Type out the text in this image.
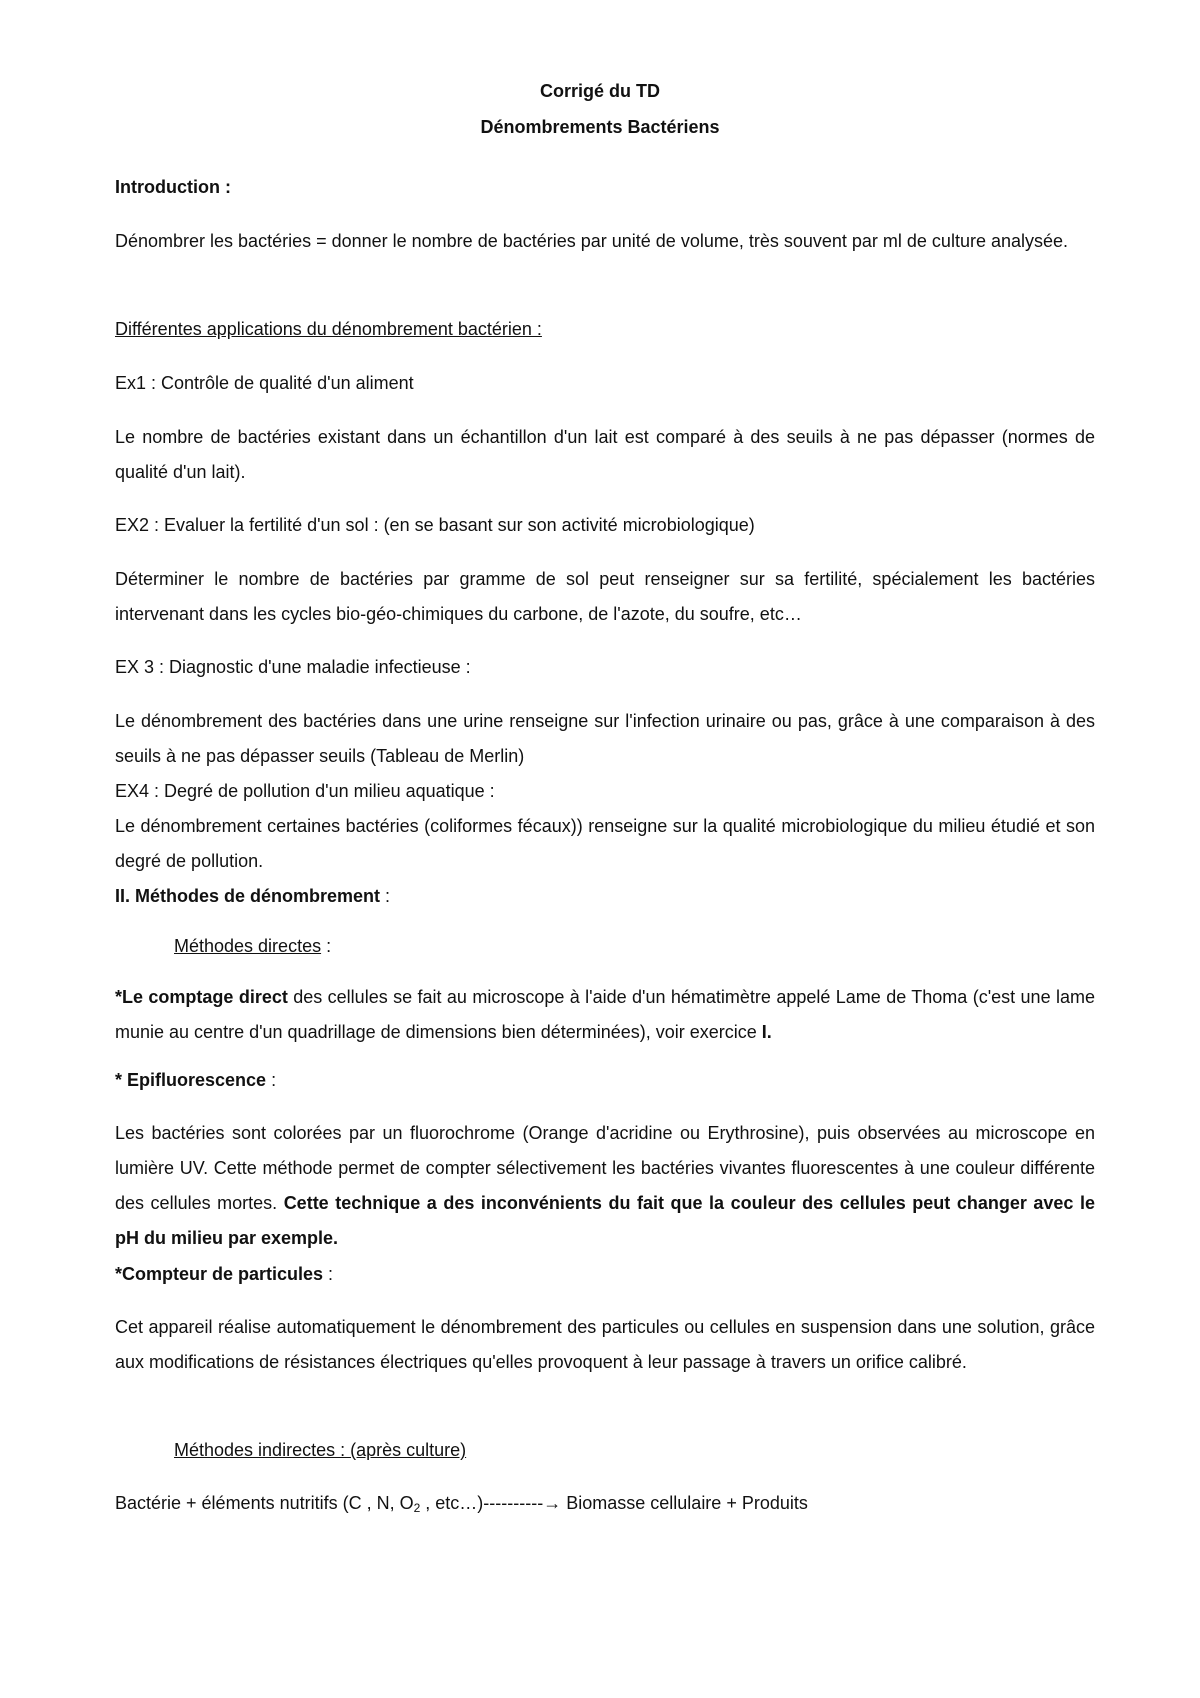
Corrigé du TD

Dénombrements Bactériens

Introduction :

Dénombrer les bactéries = donner le nombre de bactéries par unité de volume, très souvent par ml de culture analysée.

Différentes applications du dénombrement bactérien :

Ex1 : Contrôle de qualité d'un aliment

Le nombre de bactéries existant dans un échantillon d'un lait est comparé à des seuils à ne pas dépasser (normes de qualité d'un lait).

EX2 : Evaluer la fertilité d'un sol : (en se basant sur son activité microbiologique)

Déterminer le nombre de bactéries par gramme de sol peut renseigner sur sa fertilité, spécialement les bactéries intervenant dans les cycles bio-géo-chimiques du carbone, de l'azote, du soufre, etc…

EX 3 : Diagnostic d'une maladie infectieuse :

Le dénombrement des bactéries dans une urine renseigne sur l'infection urinaire ou pas, grâce à une comparaison à des seuils à ne pas dépasser seuils (Tableau de Merlin)

EX4 : Degré de pollution d'un milieu aquatique :

Le dénombrement certaines bactéries (coliformes fécaux)) renseigne sur la qualité microbiologique du milieu étudié et son degré de pollution.

II. Méthodes de dénombrement :

Méthodes directes :

*Le comptage direct des cellules se fait au microscope à l'aide d'un hématimètre appelé Lame de Thoma (c'est une lame munie au centre d'un quadrillage de dimensions bien déterminées), voir exercice I.

* Epifluorescence :

Les bactéries sont colorées par un fluorochrome (Orange d'acridine ou Erythrosine), puis observées au microscope en lumière UV. Cette méthode permet de compter sélectivement les bactéries vivantes fluorescentes à une couleur différente des cellules mortes. Cette technique a des inconvénients du fait que la couleur des cellules peut changer avec le pH du milieu par exemple.

*Compteur de particules :

Cet appareil réalise automatiquement le dénombrement des particules ou cellules en suspension dans une solution, grâce aux modifications de résistances électriques qu'elles provoquent à leur passage à travers un orifice calibré.

Méthodes indirectes : (après culture)

Bactérie + éléments nutritifs (C , N, $O_2$ , etc…)----------→ Biomasse cellulaire + Produits
